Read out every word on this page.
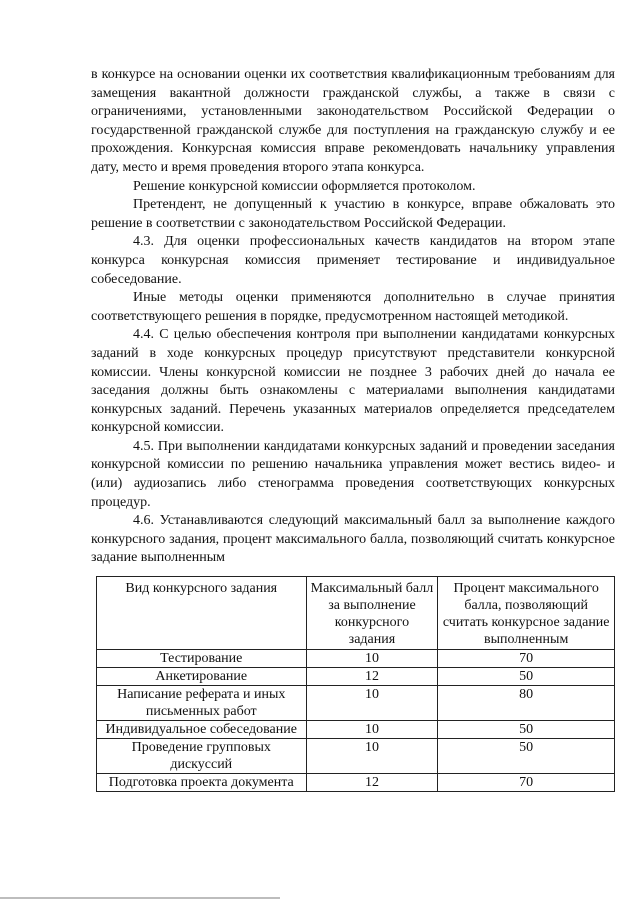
в конкурсе на основании оценки их соответствия квалификационным требованиям для замещения вакантной должности гражданской службы, а также в связи с ограничениями, установленными законодательством Российской Федерации о государственной гражданской службе для поступления на гражданскую службу и ее прохождения. Конкурсная комиссия вправе рекомендовать начальнику управления дату, место и время проведения второго этапа конкурса.

Решение конкурсной комиссии оформляется протоколом.

Претендент, не допущенный к участию в конкурсе, вправе обжаловать это решение в соответствии с законодательством Российской Федерации.

4.3. Для оценки профессиональных качеств кандидатов на втором этапе конкурса конкурсная комиссия применяет тестирование и индивидуальное собеседование.

Иные методы оценки применяются дополнительно в случае принятия соответствующего решения в порядке, предусмотренном настоящей методикой.

4.4. С целью обеспечения контроля при выполнении кандидатами конкурсных заданий в ходе конкурсных процедур присутствуют представители конкурсной комиссии. Члены конкурсной комиссии не позднее 3 рабочих дней до начала ее заседания должны быть ознакомлены с материалами выполнения кандидатами конкурсных заданий. Перечень указанных материалов определяется председателем конкурсной комиссии.

4.5. При выполнении кандидатами конкурсных заданий и проведении заседания конкурсной комиссии по решению начальника управления может вестись видео- и (или) аудиозапись либо стенограмма проведения соответствующих конкурсных процедур.

4.6. Устанавливаются следующий максимальный балл за выполнение каждого конкурсного задания, процент максимального балла, позволяющий считать конкурсное задание выполненным

Вид конкурсного задания	Максимальный балл за выполнение конкурсного задания	Процент максимального балла, позволяющий считать конкурсное задание выполненным
Тестирование	10	70
Анкетирование	12	50
Написание реферата и иных письменных работ	10	80
Индивидуальное собеседование	10	50
Проведение групповых дискуссий	10	50
Подготовка проекта документа	12	70
